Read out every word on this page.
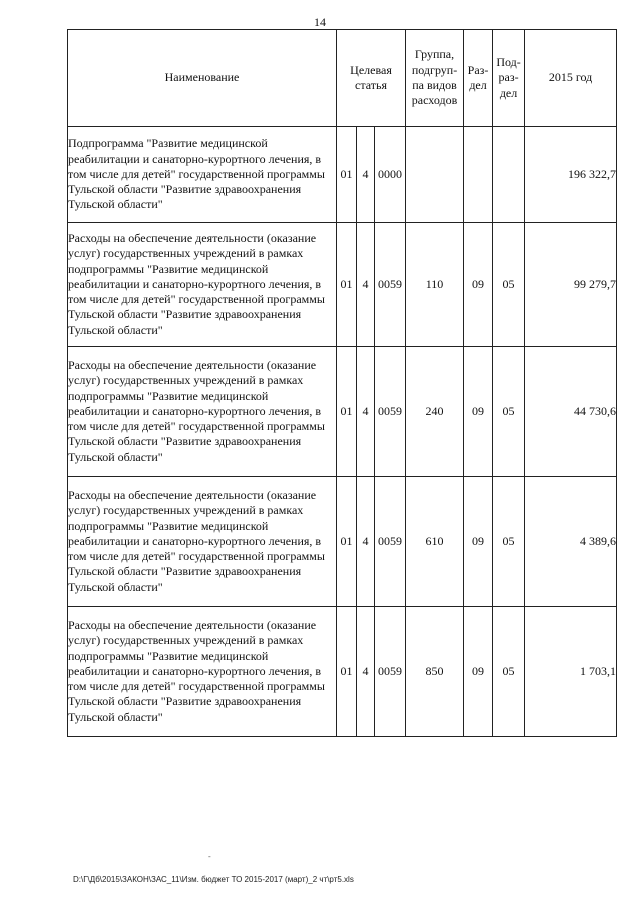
14
Наименование	Целевая статья			Группа,
подгруп-
па видов
расходов	Раз-
дел	Под-
раз-
дел	2015 год
Подпрограмма "Развитие медицинской реабилитации и санаторно-курортного лечения, в том числе для детей" государственной программы Тульской области "Развитие здравоохранения Тульской области"	01	4	0000				196 322,7
Расходы на обеспечение деятельности (оказание услуг) государственных учреждений в рамках подпрограммы "Развитие медицинской реабилитации и санаторно-курортного лечения, в том числе для детей" государственной программы Тульской области "Развитие здравоохранения Тульской области"	01	4	0059	110	09	05	99 279,7
Расходы на обеспечение деятельности (оказание услуг) государственных учреждений в рамках подпрограммы "Развитие медицинской реабилитации и санаторно-курортного лечения, в том числе для детей" государственной программы Тульской области "Развитие здравоохранения Тульской области"	01	4	0059	240	09	05	44 730,6
Расходы на обеспечение деятельности (оказание услуг) государственных учреждений в рамках подпрограммы "Развитие медицинской реабилитации и санаторно-курортного лечения, в том числе для детей" государственной программы Тульской области "Развитие здравоохранения Тульской области"	01	4	0059	610	09	05	4 389,6
Расходы на обеспечение деятельности (оказание услуг) государственных учреждений в рамках подпрограммы "Развитие медицинской реабилитации и санаторно-курортного лечения, в том числе для детей" государственной программы Тульской области "Развитие здравоохранения Тульской области"	01	4	0059	850	09	05	1 703,1
-
D:\Г\Дб\2015\ЗАКОН\ЗАС_11\Изм. бюджет ТО 2015-2017 (март)_2 чт\рт5.xls
